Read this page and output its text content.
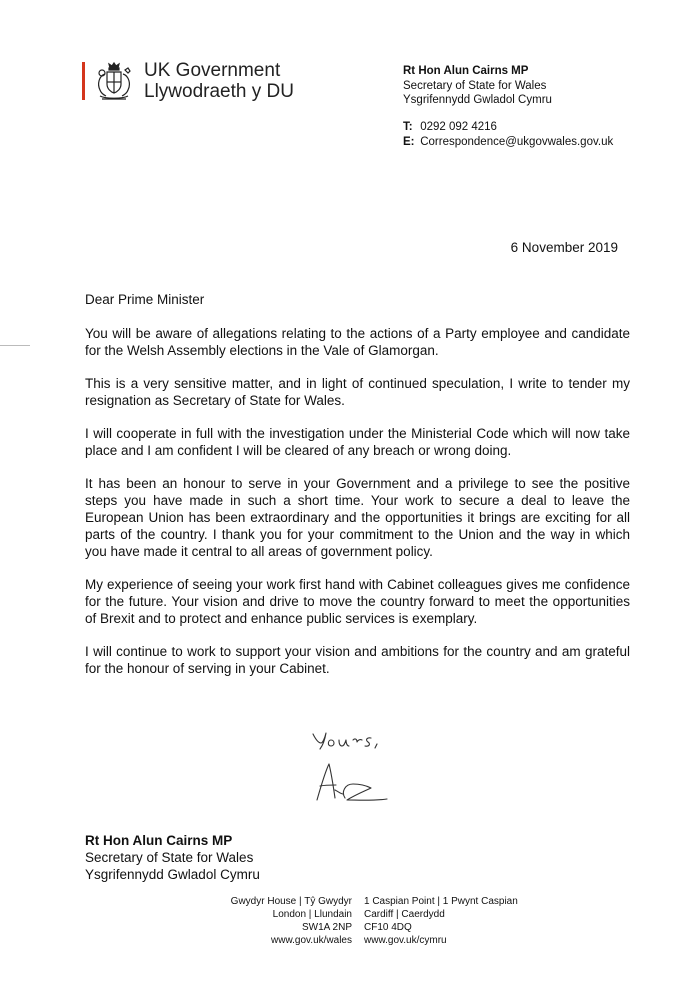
UK Government
Llywodraeth y DU
Rt Hon Alun Cairns MP
Secretary of State for Wales
Ysgrifennydd Gwladol Cymru
T: 0292 092 4216
E: Correspondence@ukgovwales.gov.uk
6 November 2019
Dear Prime Minister

You will be aware of allegations relating to the actions of a Party employee and candidate for the Welsh Assembly elections in the Vale of Glamorgan.

This is a very sensitive matter, and in light of continued speculation, I write to tender my resignation as Secretary of State for Wales.

I will cooperate in full with the investigation under the Ministerial Code which will now take place and I am confident I will be cleared of any breach or wrong doing.

It has been an honour to serve in your Government and a privilege to see the positive steps you have made in such a short time. Your work to secure a deal to leave the European Union has been extraordinary and the opportunities it brings are exciting for all parts of the country. I thank you for your commitment to the Union and the way in which you have made it central to all areas of government policy.

My experience of seeing your work first hand with Cabinet colleagues gives me confidence for the future. Your vision and drive to move the country forward to meet the opportunities of Brexit and to protect and enhance public services is exemplary.

I will continue to work to support your vision and ambitions for the country and am grateful for the honour of serving in your Cabinet.

Rt Hon Alun Cairns MP
Secretary of State for Wales
Ysgrifennydd Gwladol Cymru
Gwydyr House | Tŷ Gwydyr
London | Llundain
SW1A 2NP
www.gov.uk/wales
1 Caspian Point | 1 Pwynt Caspian
Cardiff | Caerdydd
CF10 4DQ
www.gov.uk/cymru
